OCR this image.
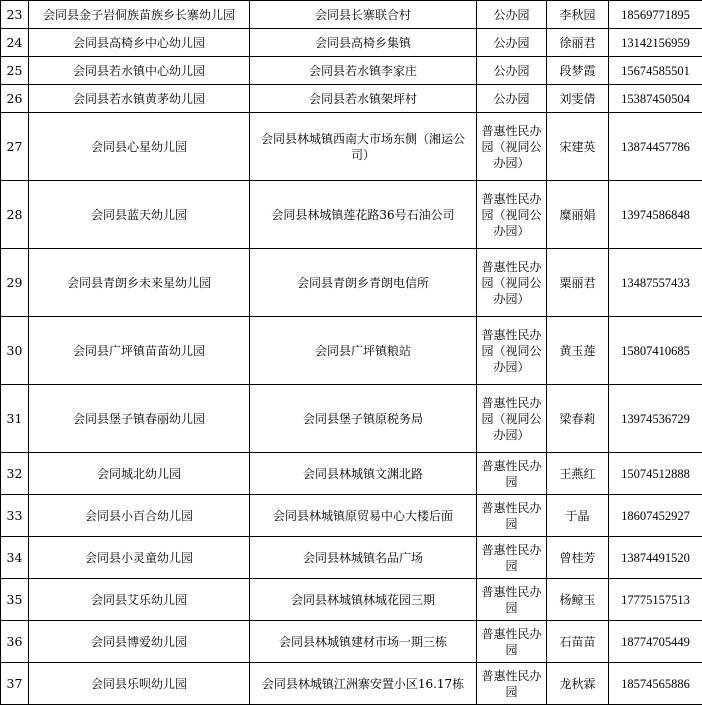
23	会同县金子岩侗族苗族乡长寨幼儿园	会同县长寨联合村	公办园	李秋园	18569771895
24	会同县高椅乡中心幼儿园	会同县高椅乡集镇	公办园	徐丽君	13142156959
25	会同县若水镇中心幼儿园	会同县若水镇李家庄	公办园	段梦霞	15674585501
26	会同县若水镇黄茅幼儿园	会同县若水镇架坪村	公办园	刘雯倩	15387450504
27	会同县心星幼儿园	会同县林城镇西南大市场东侧（湘运公司）	普惠性民办园（视同公办园）	宋建英	13874457786
28	会同县蓝天幼儿园	会同县林城镇莲花路36号石油公司	普惠性民办园（视同公办园）	糜丽娟	13974586848
29	会同县青朗乡未来星幼儿园	会同县青朗乡青朗电信所	普惠性民办园（视同公办园）	粟丽君	13487557433
30	会同县广坪镇苗苗幼儿园	会同县广坪镇粮站	普惠性民办园（视同公办园）	黄玉莲	15807410685
31	会同县堡子镇春丽幼儿园	会同县堡子镇原税务局	普惠性民办园（视同公办园）	梁春莉	13974536729
32	会同城北幼儿园	会同县林城镇文渊北路	普惠性民办园	王燕红	15074512888
33	会同县小百合幼儿园	会同县林城镇原贸易中心大楼后面	普惠性民办园	于晶	18607452927
34	会同县小灵童幼儿园	会同县林城镇名品广场	普惠性民办园	曾桂芳	13874491520
35	会同县艾乐幼儿园	会同县林城镇林城花园三期	普惠性民办园	杨鲸玉	17775157513
36	会同县博爱幼儿园	会同县林城镇建材市场一期三栋	普惠性民办园	石苗苗	18774705449
37	会同县乐呗幼儿园	会同县林城镇江洲寨安置小区16.17栋	普惠性民办园	龙秋霖	18574565886
